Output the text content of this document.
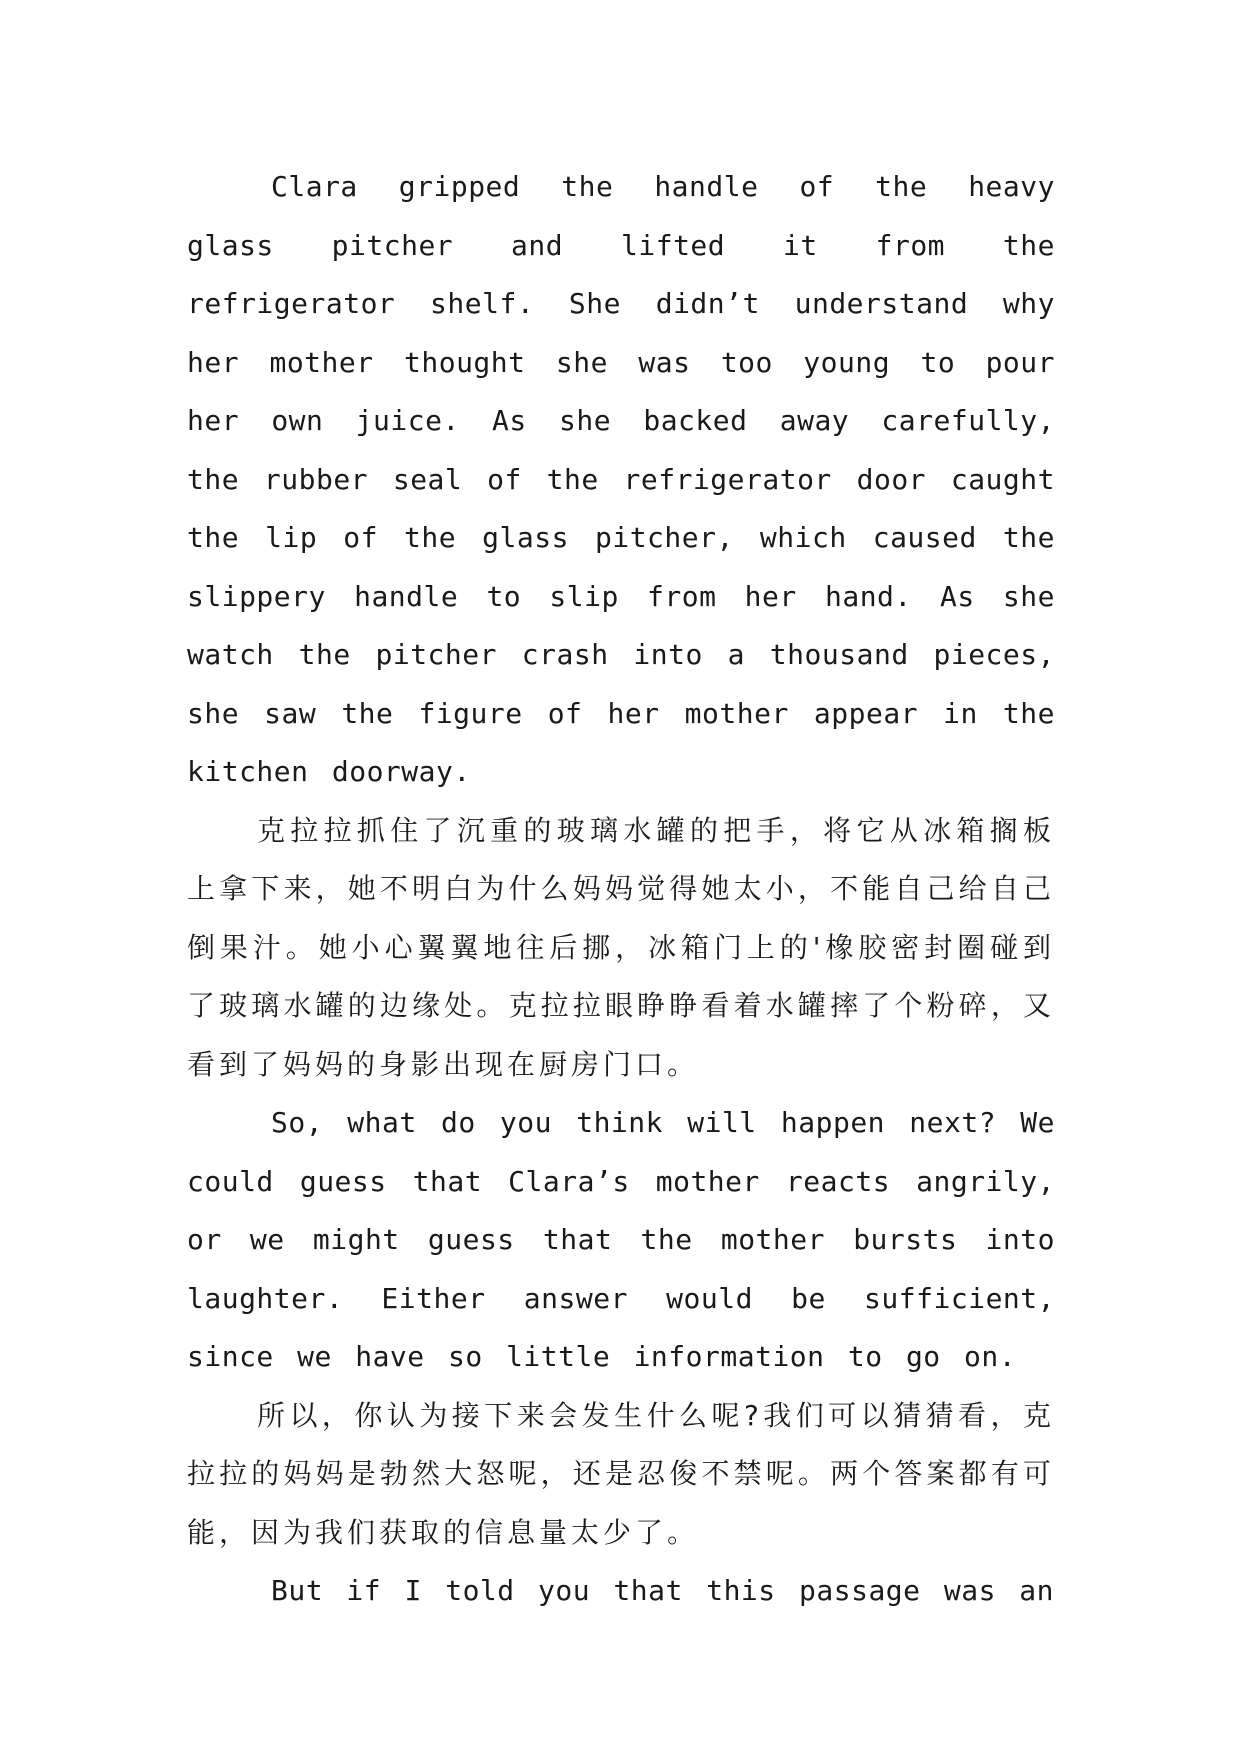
Clara gripped the handle of the heavy glass pitcher and lifted it from the refrigerator shelf. She didn’t understand why her mother thought she was too young to pour her own juice. As she backed away carefully, the rubber seal of the refrigerator door caught the lip of the glass pitcher, which caused the slippery handle to slip from her hand. As she watch the pitcher crash into a thousand pieces, she saw the figure of her mother appear in the kitchen doorway.

克拉拉抓住了沉重的玻璃水罐的把手，将它从冰箱搁板上拿下来，她不明白为什么妈妈觉得她太小，不能自己给自己倒果汁。她小心翼翼地往后挪，冰箱门上的'橡胶密封圈碰到了玻璃水罐的边缘处。克拉拉眼睁睁看着水罐摔了个粉碎，又看到了妈妈的身影出现在厨房门口。

So, what do you think will happen next? We could guess that Clara’s mother reacts angrily, or we might guess that the mother bursts into laughter. Either answer would be sufficient, since we have so little information to go on.

所以，你认为接下来会发生什么呢?我们可以猜猜看，克拉拉的妈妈是勃然大怒呢，还是忍俊不禁呢。两个答案都有可能，因为我们获取的信息量太少了。

But if I told you that this passage was an
